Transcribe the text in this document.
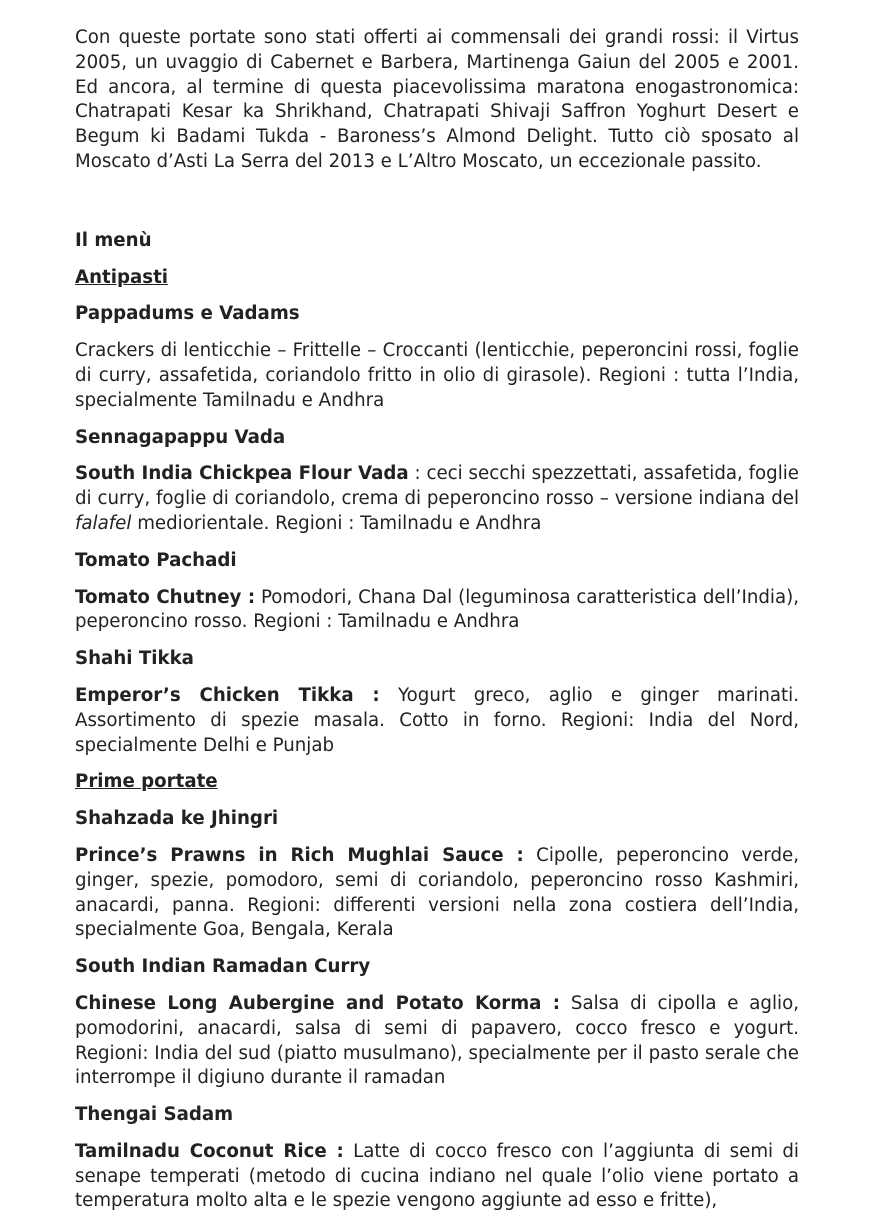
Con queste portate sono stati offerti ai commensali dei grandi rossi: il Virtus 2005, un uvaggio di Cabernet e Barbera, Martinenga Gaiun del 2005 e 2001. Ed ancora, al termine di questa piacevolissima maratona enogastronomica: Chatrapati Kesar ka Shrikhand, Chatrapati Shivaji Saffron Yoghurt Desert e Begum ki Badami Tukda - Baroness’s Almond Delight. Tutto ciò sposato al Moscato d’Asti La Serra del 2013 e L’Altro Moscato, un eccezionale passito.

Il menù
Antipasti
Pappadums e Vadams

Crackers di lenticchie – Frittelle – Croccanti (lenticchie, peperoncini rossi, foglie di curry, assafetida, coriandolo fritto in olio di girasole). Regioni : tutta l’India, specialmente Tamilnadu e Andhra

Sennagapappu Vada

South India Chickpea Flour Vada : ceci secchi spezzettati, assafetida, foglie di curry, foglie di coriandolo, crema di peperoncino rosso – versione indiana del falafel mediorientale. Regioni : Tamilnadu e Andhra

Tomato Pachadi

Tomato Chutney : Pomodori, Chana Dal (leguminosa caratteristica dell’India), peperoncino rosso. Regioni : Tamilnadu e Andhra

Shahi Tikka

Emperor’s Chicken Tikka : Yogurt greco, aglio e ginger marinati. Assortimento di spezie masala. Cotto in forno. Regioni: India del Nord, specialmente Delhi e Punjab

Prime portate
Shahzada ke Jhingri

Prince’s Prawns in Rich Mughlai Sauce : Cipolle, peperoncino verde, ginger, spezie, pomodoro, semi di coriandolo, peperoncino rosso Kashmiri, anacardi, panna. Regioni: differenti versioni nella zona costiera dell’India, specialmente Goa, Bengala, Kerala

South Indian Ramadan Curry

Chinese Long Aubergine and Potato Korma : Salsa di cipolla e aglio, pomodorini, anacardi, salsa di semi di papavero, cocco fresco e yogurt. Regioni: India del sud (piatto musulmano), specialmente per il pasto serale che interrompe il digiuno durante il ramadan

Thengai Sadam

Tamilnadu Coconut Rice : Latte di cocco fresco con l’aggiunta di semi di senape temperati (metodo di cucina indiano nel quale l’olio viene portato a temperatura molto alta e le spezie vengono aggiunte ad esso e fritte),
